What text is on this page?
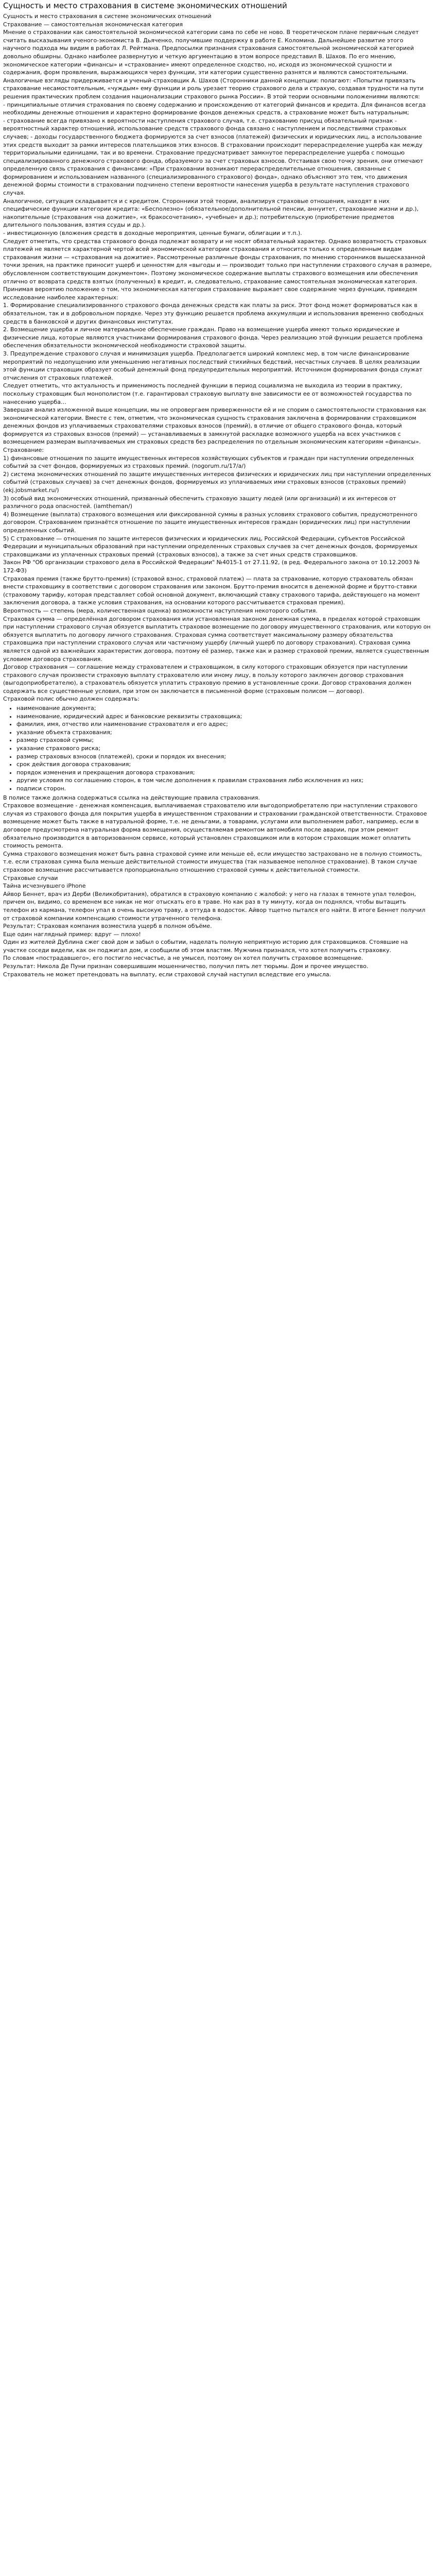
Сущность и место страхования в системе экономических отношений

Сущность и место страхования в системе экономических отношений

Страхование — самостоятельная экономическая категория

Мнение о страховании как самостоятельной экономической категории сама по себе не ново. В теоретическом плане первичным следует считать высказывания ученого-экономиста В. Дьяченко, получившие поддержку в работе Е. Коломина. Дальнейшее развитие этого научного подхода мы видим в работах Л. Рейтмана. Предпосылки признания страхования самостоятельной экономической категорией довольно обширны. Однако наиболее развернутую и четкую аргументацию в этом вопросе представил В. Шахов. По его мнению, экономическое категории «финансы» и «страхование» имеют определенное сходство, но, исходя из экономической сущности и содержания, форм проявления, выражающихся через функции, эти категории существенно разнятся и являются самостоятельными. Аналогичные взгляды придерживается и ученый-страховщик А. Шахов (Сторонники данной концепции: полагают: «Попытки привязать страхование несамостоятельным, «чуждым» ему функции и роль урезает теорию страхового дела и страхую, создавая трудности на пути решения практических проблем создания национализации страхового рынка России». В этой теории основными положениями являются:

- принципиальные отличия страхования по своему содержанию и происхождению от категорий финансов и кредита. Для финансов всегда необходимы денежные отношения и характерно формирование фондов денежных средств, а страхование может быть натуральным;

- страхование всегда привязано к вероятности наступления страхового случая, т.е. страхованию присущ обязательный признак - вероятностный характер отношений, использование средств страхового фонда связано с наступлением и последствиями страховых случаев; - доходы государственного бюджета формируются за счет взносов (платежей) физических и юридических лиц, а использование этих средств выходит за рамки интересов плательщиков этих взносов. В страховании происходит перераспределение ущерба как между территориальными единицами, так и во времени. Страхование предусматривает замкнутое перераспределение ущерба с помощью специализированного денежного страхового фонда, образуемого за счет страховых взносов. Отстаивая свою точку зрения, они отмечают определенную связь страхования с финансами: «При страховании возникают перераспределительные отношения, связанные с формированием и использованием названного (специализированного страхового) фонда», однако объясняют это тем, что движения денежной формы стоимости в страховании подчинено степени вероятности нанесения ущерба в результате наступления страхового случая.

Аналогичное, ситуация складывается и с кредитом. Сторонники этой теории, анализируя страховые отношения, находят в них специфические функции категории кредита: «Бесполезно» (обязательное/дополнительной пенсии, аннуитет, страхование жизни и др.), накопительные (страхования «на дожитие», «к бракосочетанию», «учебные» и др.); потребительскую (приобретение предметов длительного пользования, взятия ссуды и др.).

- инвестиционную (вложения средств в доходные мероприятия, ценные бумаги, облигации и т.п.).

Следует отметить, что средства страхового фонда подлежат возврату и не носят обязательный характер. Однако возвратность страховых платежей не является характерной чертой всей экономической категории страхования и относится только к определенным видам страхования жизни — «страхования на дожитие». Рассмотренные различные фонды страхования, по мнению сторонников вышесказанной точки зрения, на практике приносит ущерб и ценностям для «выгоды и — производит только при наступлении страхового случая в размере, обусловленном соответствующим документом». Поэтому экономическое содержание выплаты страхового возмещения или обеспечения отлично от возврата средств взятых (полученных) в кредит, и, следовательно, страхование самостоятельная экономическая категория.

Принимая вероятию положение о том, что экономическая категория страхование выражает свое содержание через функции, приведем исследование наиболее характерных:

1. Формирование специализированного страхового фонда денежных средств как платы за риск. Этот фонд может формироваться как в обязательном, так и в добровольном порядке. Через эту функцию решается проблема аккумуляции и использования временно свободных средств в банковской и других финансовых институтах.

2. Возмещение ущерба и личное материальное обеспечение граждан. Право на возмещение ущерба имеют только юридические и физические лица, которые являются участниками формирования страхового фонда. Через реализацию этой функции решается проблема обеспечения обязательности экономической необходимости страховой защиты.

3. Предупреждение страхового случая и минимизация ущерба. Предполагается широкий комплекс мер, в том числе финансирование мероприятий по недопущению или уменьшению негативных последствий стихийных бедствий, несчастных случаев. В целях реализации этой функции страховщик образует особый денежный фонд предупредительных мероприятий. Источником формирования фонда служат отчисления от страховых платежей.

Следует отметить, что актуальность и применимость последней функции в период социализма не выходила из теории в практику, поскольку страховщик был монополистом (т.е. гарантировал страховую выплату вне зависимости ее от возможностей государства по нанесению ущерба…

Завершая анализ изложенной выше концепции, мы не опровергаем приверженности ей и не спорим о самостоятельности страхования как экономической категории. Вместе с тем, отметим, что экономическая сущность страхования заключена в формировании страховщиком денежных фондов из уплачиваемых страхователями страховых взносов (премий), в отличие от общего страхового фонда, который формируется из страховых взносов (премий) — устанавливаемых в замкнутой раскладке возможного ущерба на всех участников с возмещением размерам выплачиваемых им страховых средств без распределения по отдельным экономическим категориям «финансы».

Страхование:

1) финансовые отношения по защите имущественных интересов хозяйствующих субъектов и граждан при наступлении определенных событий за счет фондов, формируемых из страховых премий. (nogorum.ru/17/a/)

2) система экономических отношений по защите имущественных интересов физических и юридических лиц при наступлении определенных событий (страховых случаев) за счет денежных фондов, формируемых из уплачиваемых ими страховых взносов (страховых премий) (ekj.jobsmarket.ru/)

3) особый вид экономических отношений, призванный обеспечить страховую защиту людей (или организаций) и их интересов от различного рода опасностей. (iamtheman/)

4) Возмещение (выплата) страхового возмещения или фиксированной суммы в разных условиях страхового события, предусмотренного договором. Страхованием признаётся отношение по защите имущественных интересов граждан (юридических лиц) при наступлении определенных событий.

5) С страхование — отношения по защите интересов физических и юридических лиц, Российской Федерации, субъектов Российской Федерации и муниципальных образований при наступлении определенных страховых случаев за счет денежных фондов, формируемых страховщиками из уплаченных страховых премий (страховых взносов), а также за счет иных средств страховщиков.

Закон РФ "Об организации страхового дела в Российской Федерации" №4015-1 от 27.11.92, (в ред. Федерального закона от 10.12.2003 № 172-ФЗ)

Страховая премия (также брутто-премия) (страховой взнос, страховой платеж) — плата за страхование, которую страхователь обязан внести страховщику в соответствии с договором страхования или законом. Брутто-премия вносится в денежной форме и брутто-ставки (страховому тарифу, которая представляет собой основной документ, включающий ставку страхового тарифа, действующего на момент заключения договора, а также условия страхования, на основании которого рассчитывается страховая премия).

Вероятность — степень (мера, количественная оценка) возможности наступления некоторого события.

Страховая сумма — определённая договором страхования или установленная законом денежная сумма, в пределах которой страховщик при наступлении страхового случая обязуется выплатить страховое возмещение по договору имущественного страхования, или которую он обязуется выплатить по договору личного страхования. Страховая сумма соответствует максимальному размеру обязательства страховщика при наступлении страхового случая или частичному ущербу (личный ущерб по договору страхования). Страховая сумма является одной из важнейших характеристик договора, поэтому её размер, также как и размер страховой премии, является существенным условием договора страхования.

Договор страхования — соглашение между страхователем и страховщиком, в силу которого страховщик обязуется при наступлении страхового случая произвести страховую выплату страхователю или иному лицу, в пользу которого заключен договор страхования (выгодоприобретателю), а страхователь обязуется уплатить страховую премию в установленные сроки. Договор страхования должен содержать все существенные условия, при этом он заключается в письменной форме (страховым полисом — договор).

Страховой полис обычно должен содержать:

• наименование документа;
• наименование, юридический адрес и банковские реквизиты страховщика;
• фамилия, имя, отчество или наименование страхователя и его адрес;
• указание объекта страхования;
• размер страховой суммы;
• указание страхового риска;
• размер страховых взносов (платежей), сроки и порядок их внесения;
• срок действия договора страхования;
• порядок изменения и прекращения договора страхования;
• другие условия по соглашению сторон, в том числе дополнения к правилам страхования либо исключения из них;
• подписи сторон.

В полисе также должна содержаться ссылка на действующие правила страхования.

Страховое возмещение - денежная компенсация, выплачиваемая страхователю или выгодоприобретателю при наступлении страхового случая из страхового фонда для покрытия ущерба в имущественном страховании и страховании гражданской ответственности. Страховое возмещение может быть также в натуральной форме, т.е. не деньгами, а товарами, услугами или выполнением работ, например, если в договоре предусмотрена натуральная форма возмещения, осуществляемая ремонтом автомобиля после аварии, при этом ремонт обязательно производится в авторизованном сервисе, который установлен страховщиком или в котором страховщик может оплатить стоимость ремонта.

Сумма страхового возмещения может быть равна страховой сумме или меньше её, если имущество застраховано не в полную стоимость, т.е. если страховая сумма была меньше действительной стоимости имущества (так называемое неполное страхование). В таком случае страховое возмещение рассчитывается пропорционально отношению страховой суммы к действительной стоимости.

Страховые случаи

Тайна исчезнувшего iPhone

Айвор Беннет, врач из Дерби (Великобритания), обратился в страховую компанию с жалобой: у него на глазах в темноте упал телефон, причем он, видимо, со временем все никак не мог отыскать его в траве. Но как раз в ту минуту, когда он поднялся, чтобы вытащить телефон из кармана, телефон упал в очень высокую траву, а оттуда в водосток. Айвор тщетно пытался его найти. В итоге Беннет получил от страховой компании компенсацию стоимости утраченного телефона.

Результат: Страховая компания возместила ущерб в полном объёме.

Еще один наглядный пример: вдруг — плохо!

Один из жителей Дублина сжег свой дом и забыл о событии, наделать полную неприятную историю для страховщиков. Стоявшие на участке соседи видели, как он поджигал дом, и сообщили об этом властям. Мужчина признался, что хотел получить страховку.

По словам «пострадавшего», его постигло несчастье, а не умысел, поэтому он хотел получить страховое возмещение.

Результат: Никола Де Пуни признан совершившим мошенничество, получил пять лет тюрьмы. Дом и прочее имущество.

Страхователь не может претендовать на выплату, если страховой случай наступил вследствие его умысла.
